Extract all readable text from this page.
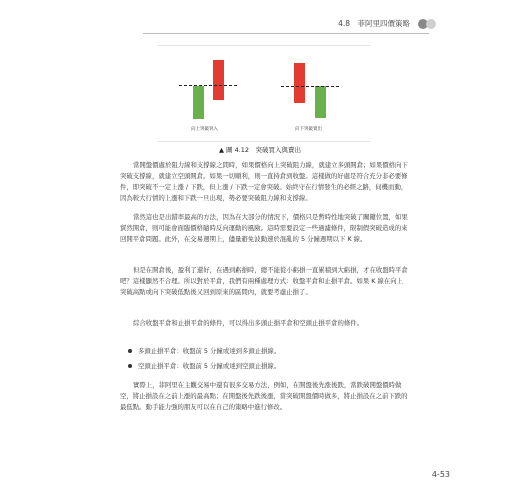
4.8　菲阿里四價策略
向上突破買入	向下突破賣出
▲ 圖 4.12　突破買入與賣出

當開盤價處於阻力線和支撐線之間時，如果價格向上突破阻力線，就建立多頭開倉；如果價格向下突破支撐線，就建立空頭開倉。如果一切順利，則一直持倉到收盤。這樣做的好處是符合充分非必要條件，即突破不一定上漲 / 下跌，但上漲 / 下跌一定會突破。始終守在行情發生的必經之路，伺機而動，因為較大行情的上漲和下跌一旦出現，勢必要突破阻力線和支撐線。

當然這也是出錯率最高的方法，因為在大部分的情況下，價格只是暫時性地突破了關鍵位置，如果貿然開倉，則可能會面臨價格隨時反向運動的風險。這時需要設定一些過濾條件，限制假突破造成的來回開平倉問題。此外，在交易週期上，儘量避免波動速於混亂的 5 分鐘週期以下 K 線。

但是在開倉後，盈利了還好，在遇到虧損時，總不能從小虧損一直累積到大虧損，才在收盤時平倉吧？這樣顯然不合理。所以對於平倉，我們有兩種處理方式：收盤平倉和止損平倉。如果 K 線在向上突破高點或向下突破低點後又回到原來的區間內，就要考慮止損了。

綜合收盤平倉和止損平倉的條件，可以得出多頭止損平倉和空頭止損平倉的條件。

多頭止損平倉：收盤前 5 分鐘或達到多頭止損線。
空頭止損平倉：收盤前 5 分鐘或達到空頭止損線。

實際上，菲阿里在主觀交易中還有很多交易方法，例如，在開盤後先涨後跌，當跌破開盤價時做空，將止損設在之前上漲的最高點；在開盤後先跌後漲，當突破開盤價時做多，將止損設在之前下跌的最低點。動手能力強的朋友可以在自己的策略中進行修改。

4-53
